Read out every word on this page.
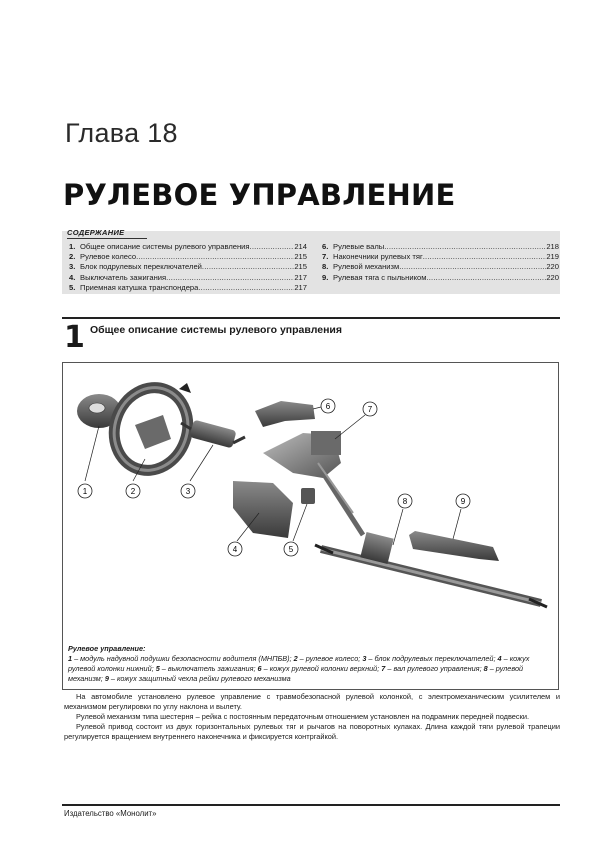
Глава 18
РУЛЕВОЕ УПРАВЛЕНИЕ
СОДЕРЖАНИЕ
1. Общее описание системы рулевого управления .....	214
2. Рулевое колесо .....	215
3. Блок подрулевых переключателей .....	215
4. Выключатель зажигания .....	217
5. Приемная катушка транспондера .....	217
6. Рулевые валы .....	218
7. Наконечники рулевых тяг .....	219
8. Рулевой механизм .....	220
9. Рулевая тяга с пыльником .....	220
1 Общее описание системы рулевого управления
1	2	3
4	5
6	7
8	9
Рулевое управление:
1 – модуль надувной подушки безопасности водителя (МНПБВ); 2 – рулевое колесо; 3 – блок подрулевых переключателей; 4 – кожух рулевой колонки нижний; 5 – выключатель зажигания; 6 – кожух рулевой колонки верхний; 7 – вал рулевого управления; 8 – рулевой механизм; 9 – кожух защитный чехла рейки рулевого механизма

На автомобиле установлено рулевое управление с травмобезопасной рулевой колонкой, с электромеханическим усилителем и механизмом регулировки по углу наклона и вылету.

Рулевой механизм типа шестерня – рейка с постоянным передаточным отношением установлен на подрамник передней подвески.

Рулевой привод состоит из двух горизонтальных рулевых тяг и рычагов на поворотных кулаках. Длина каждой тяги рулевой трапеции регулируется вращением внутреннего наконечника и фиксируется контргайкой.

Издательство «Монолит»
